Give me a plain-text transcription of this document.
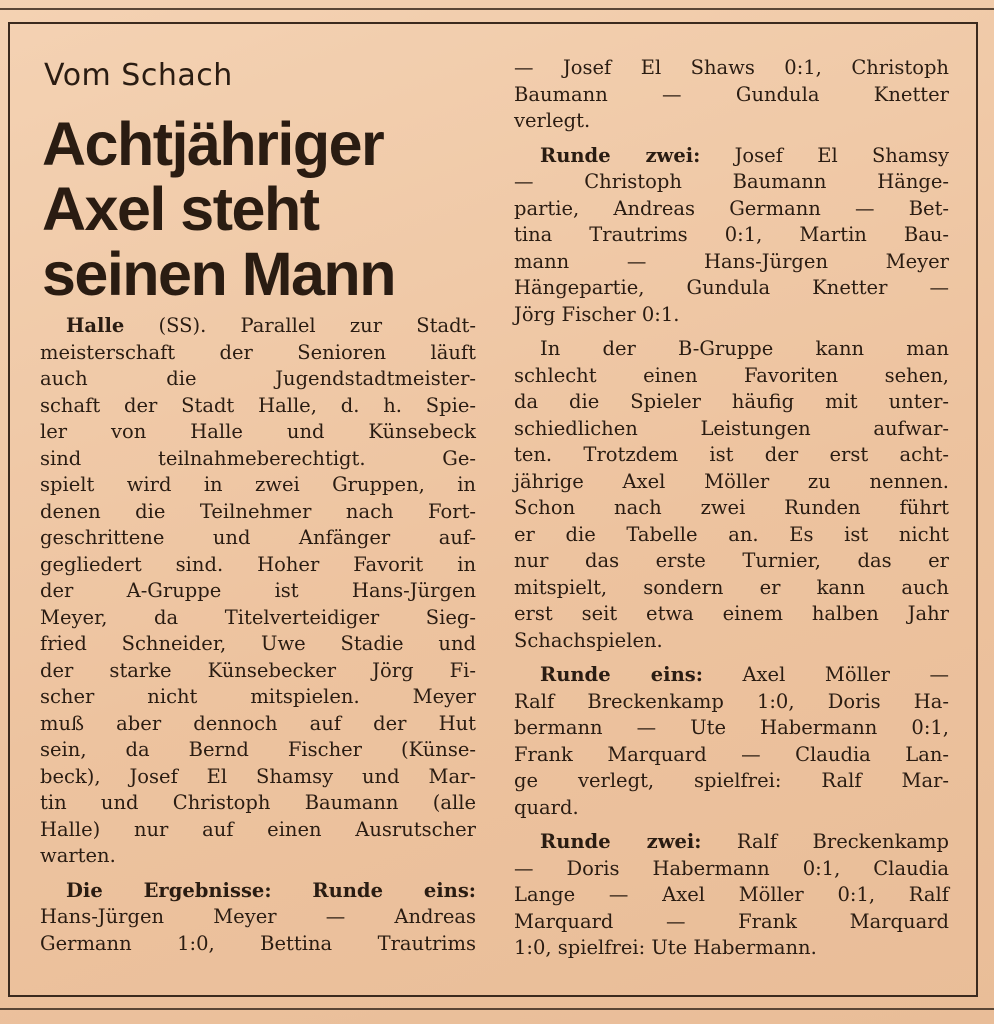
Vom Schach
Achtjähriger
Axel steht
seinen Mann
Halle (SS). Parallel zur Stadt-
meisterschaft der Senioren läuft
auch die Jugendstadtmeister-
schaft der Stadt Halle, d. h. Spie-
ler von Halle und Künsebeck
sind teilnahmeberechtigt. Ge-
spielt wird in zwei Gruppen, in
denen die Teilnehmer nach Fort-
geschrittene und Anfänger auf-
gegliedert sind. Hoher Favorit in
der A-Gruppe ist Hans-Jürgen
Meyer, da Titelverteidiger Sieg-
fried Schneider, Uwe Stadie und
der starke Künsebecker Jörg Fi-
scher nicht mitspielen. Meyer
muß aber dennoch auf der Hut
sein, da Bernd Fischer (Künse-
beck), Josef El Shamsy und Mar-
tin und Christoph Baumann (alle
Halle) nur auf einen Ausrutscher
warten.
Die Ergebnisse: Runde eins:
Hans-Jürgen Meyer — Andreas
Germann 1:0, Bettina Trautrims
— Josef El Shaws 0:1, Christoph
Baumann — Gundula Knetter
verlegt.
Runde zwei: Josef El Shamsy
— Christoph Baumann Hänge-
partie, Andreas Germann — Bet-
tina Trautrims 0:1, Martin Bau-
mann — Hans-Jürgen Meyer
Hängepartie, Gundula Knetter —
Jörg Fischer 0:1.
In der B-Gruppe kann man
schlecht einen Favoriten sehen,
da die Spieler häufig mit unter-
schiedlichen Leistungen aufwar-
ten. Trotzdem ist der erst acht-
jährige Axel Möller zu nennen.
Schon nach zwei Runden führt
er die Tabelle an. Es ist nicht
nur das erste Turnier, das er
mitspielt, sondern er kann auch
erst seit etwa einem halben Jahr
Schachspielen.
Runde eins: Axel Möller —
Ralf Breckenkamp 1:0, Doris Ha-
bermann — Ute Habermann 0:1,
Frank Marquard — Claudia Lan-
ge verlegt, spielfrei: Ralf Mar-
quard.
Runde zwei: Ralf Breckenkamp
— Doris Habermann 0:1, Claudia
Lange — Axel Möller 0:1, Ralf
Marquard — Frank Marquard
1:0, spielfrei: Ute Habermann.
